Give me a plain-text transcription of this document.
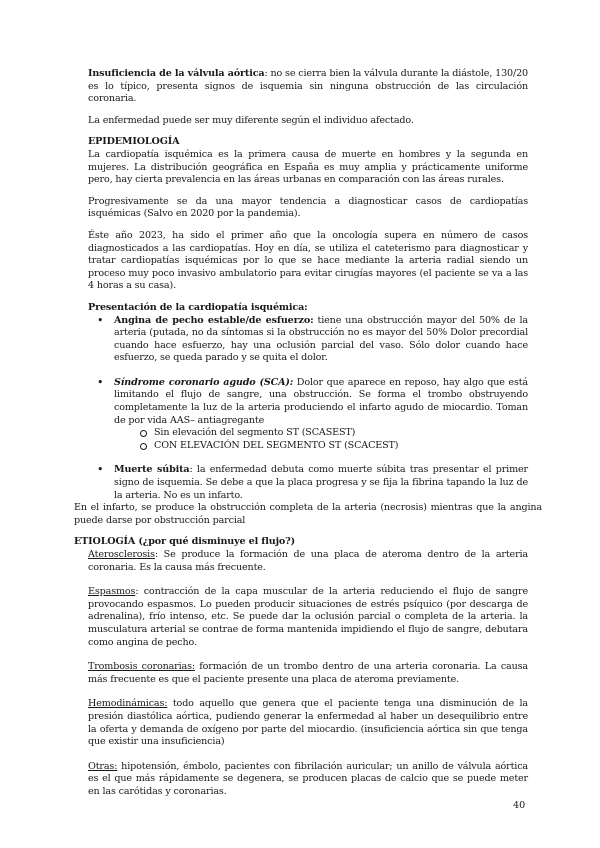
Insuficiencia de la válvula aórtica: no se cierra bien la válvula durante la diástole, 130/20 es lo típico, presenta signos de isquemia sin ninguna obstrucción de las circulación coronaria.

La enfermedad puede ser muy diferente según el individuo afectado.

EPIDEMIOLOGÍA

La cardiopatía isquémica es la primera causa de muerte en hombres y la segunda en mujeres. La distribución geográfica en España es muy amplia y prácticamente uniforme pero, hay cierta prevalencia en las áreas urbanas en comparación con las áreas rurales.

Progresivamente se da una mayor tendencia a diagnosticar casos de cardiopatías isquémicas (Salvo en 2020 por la pandemia).

Éste año 2023, ha sido el primer año que la oncología supera en número de casos diagnosticados a las cardiopatías. Hoy en día, se utiliza el cateterismo para diagnosticar y tratar cardiopatías isquémicas por lo que se hace mediante la arteria radial siendo un proceso muy poco invasivo ambulatorio para evitar cirugías mayores (el paciente se va a las 4 horas a su casa).

Presentación de la cardiopatía isquémica:

• Angina de pecho estable/de esfuerzo: tiene una obstrucción mayor del 50% de la arteria (putada, no da síntomas si la obstrucción no es mayor del 50% Dolor precordial cuando hace esfuerzo, hay una oclusión parcial del vaso. Sólo dolor cuando hace esfuerzo, se queda parado y se quita el dolor.
• Síndrome coronario agudo (SCA): Dolor que aparece en reposo, hay algo que está limitando el flujo de sangre, una obstrucción. Se forma el trombo obstruyendo completamente la luz de la arteria produciendo el infarto agudo de miocardio. Toman de por vida AAS– antiagregante
Sin elevación del segmento ST (SCASEST)
CON ELEVACIÓN DEL SEGMENTO ST (SCACEST)
• Muerte súbita: la enfermedad debuta como muerte súbita tras presentar el primer signo de isquemia. Se debe a que la placa progresa y se fija la fibrina tapando la luz de la arteria. No es un infarto.

En el infarto, se produce la obstrucción completa de la arteria (necrosis) mientras que la angina puede darse por obstrucción parcial

ETIOLOGÍA (¿por qué disminuye el flujo?)

Aterosclerosis: Se produce la formación de una placa de ateroma dentro de la arteria coronaria. Es la causa más frecuente.

Espasmos: contracción de la capa muscular de la arteria reduciendo el flujo de sangre provocando espasmos. Lo pueden producir situaciones de estrés psíquico (por descarga de adrenalina), frío intenso, etc. Se puede dar la oclusión parcial o completa de la arteria. la musculatura arterial se contrae de forma mantenida impidiendo el flujo de sangre, debutara como angina de pecho.

Trombosis coronarias: formación de un trombo dentro de una arteria coronaria. La causa más frecuente es que el paciente presente una placa de ateroma previamente.

Hemodinámicas: todo aquello que genera que el paciente tenga una disminución de la presión diastólica aórtica, pudiendo generar la enfermedad al haber un desequilibrio entre la oferta y demanda de oxígeno por parte del miocardio. (insuficiencia aórtica sin que tenga que existir una insuficiencia)

Otras: hipotensión, émbolo, pacientes con fibrilación auricular; un anillo de válvula aórtica es el que más rápidamente se degenera, se producen placas de calcio que se puede meter en las carótidas y coronarias.

40
